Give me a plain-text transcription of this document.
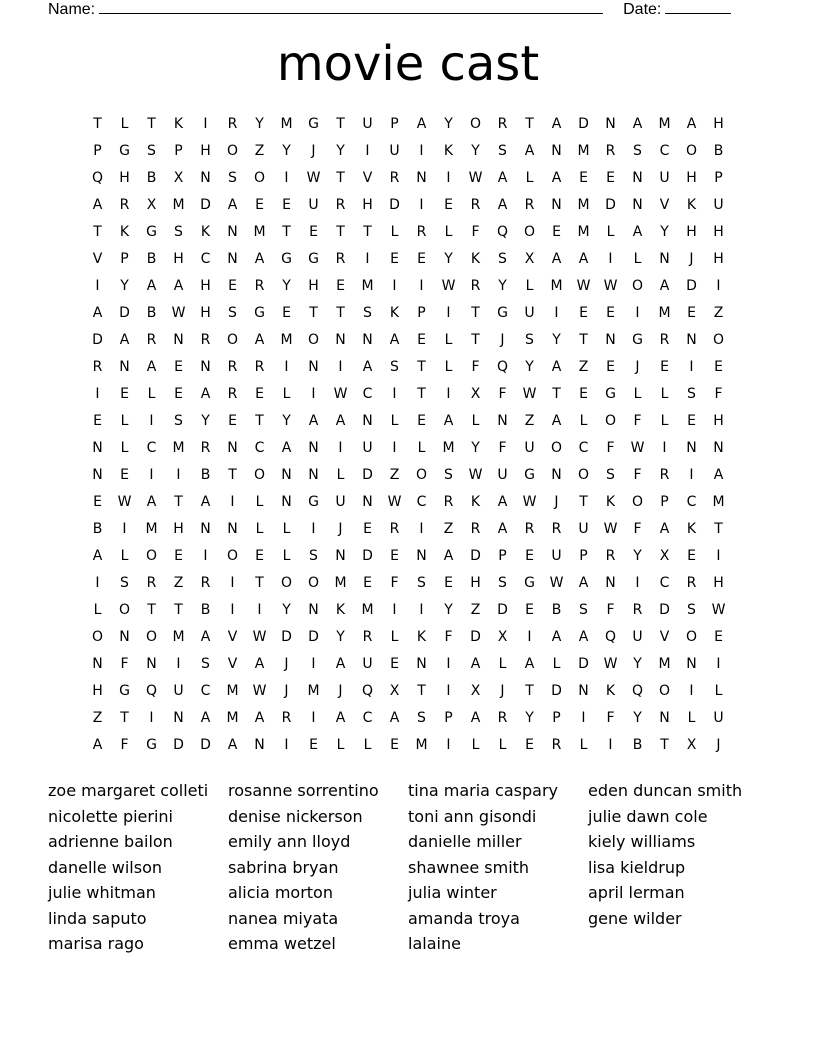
Name:	Date:
movie cast
T	L	T	K	I	R	Y	M	G	T	U	P	A	Y	O	R	T	A	D	N	A	M	A	H
P	G	S	P	H	O	Z	Y	J	Y	I	U	I	K	Y	S	A	N	M	R	S	C	O	B
Q	H	B	X	N	S	O	I	W	T	V	R	N	I	W	A	L	A	E	E	N	U	H	P
A	R	X	M	D	A	E	E	U	R	H	D	I	E	R	A	R	N	M	D	N	V	K	U
T	K	G	S	K	N	M	T	E	T	T	L	R	L	F	Q	O	E	M	L	A	Y	H	H
V	P	B	H	C	N	A	G	G	R	I	E	E	Y	K	S	X	A	A	I	L	N	J	H
I	Y	A	A	H	E	R	Y	H	E	M	I	I	W	R	Y	L	M	W W	O	A	D	I
A	D	B	W	H	S	G	E	T	T	S	K	P	I	T	G	U	I	E	E	I	M	E	Z
D	A	R	N	R	O	A	M	O	N	N	A	E	L	T	J	S	Y	T	N	G	R	N	O
R	N	A	E	N	R	R	I	N	I	A	S	T	L	F	Q	Y	A	Z	E	J	E	I	E
I	E	L	E	A	R	E	L	I	W	C	I	T	I	X	F	W	T	E	G	L	L	S	F
E	L	I	S	Y	E	T	Y	A	A	N	L	E	A	L	N	Z	A	L	O	F	L	E	H
N	L	C	M	R	N	C	A	N	I	U	I	L	M	Y	F	U	O	C	F	W	I	N	N
N	E	I	I	B	T	O	N	N	L	D	Z	O	S	W	U	G	N	O	S	F	R	I	A
E	W	A	T	A	I	L	N	G	U	N	W	C	R	K	A	W	J	T	K	O	P	C	M
B	I	M	H	N	N	L	L	I	J	E	R	I	Z	R	A	R	R	U	W	F	A	K	T
A	L	O	E	I	O	E	L	S	N	D	E	N	A	D	P	E	U	P	R	Y	X	E	I
I	S	R	Z	R	I	T	O	O	M	E	F	S	E	H	S	G	W	A	N	I	C	R	H
L	O	T	T	B	I	I	Y	N	K	M	I	I	Y	Z	D	E	B	S	F	R	D	S	W
O	N	O	M	A	V	W	D	D	Y	R	L	K	F	D	X	I	A	A	Q	U	V	O	E
N	F	N	I	S	V	A	J	I	A	U	E	N	I	A	L	A	L	D	W	Y	M	N	I
H	G	Q	U	C	M	W	J	M	J	Q	X	T	I	X	J	T	D	N	K	Q	O	I	L
Z	T	I	N	A	M	A	R	I	A	C	A	S	P	A	R	Y	P	I	F	Y	N	L	U
A	F	G	D	D	A	N	I	E	L	L	E	M	I	L	L	E	R	L	I	B	T	X	J
zoe margaret colleti
nicolette pierini
adrienne bailon
danelle wilson
julie whitman
linda saputo
marisa rago
rosanne sorrentino
denise nickerson
emily ann lloyd
sabrina bryan
alicia morton
nanea miyata
emma wetzel
tina maria caspary
toni ann gisondi
danielle miller
shawnee smith
julia winter
amanda troya
lalaine
eden duncan smith
julie dawn cole
kiely williams
lisa kieldrup
april lerman
gene wilder
